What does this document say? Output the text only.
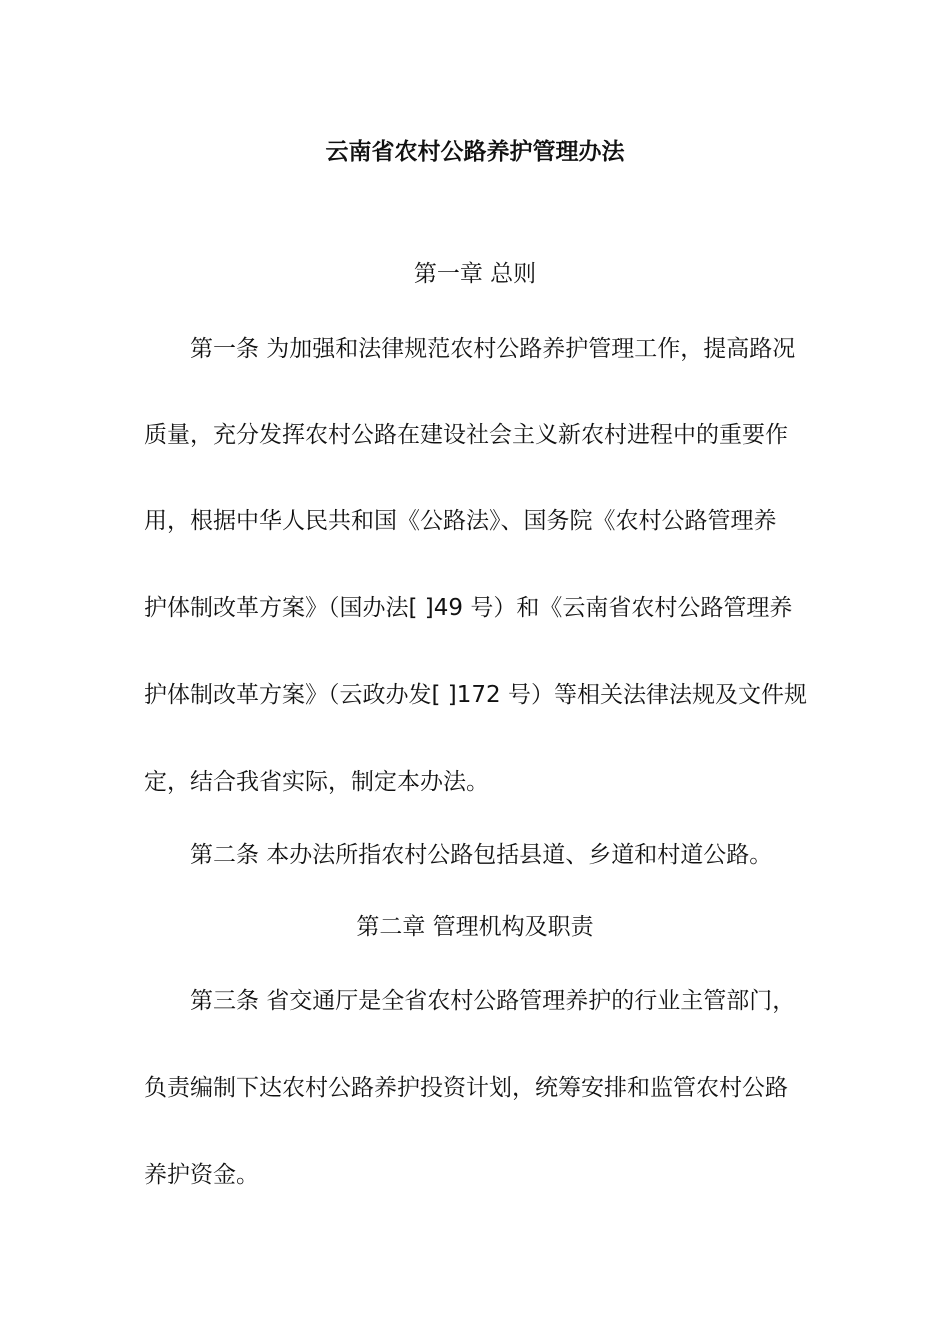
云南省农村公路养护管理办法
第一章 总则
第一条 为加强和法律规范农村公路养护管理工作，提高路况
质量，充分发挥农村公路在建设社会主义新农村进程中的重要作
用，根据中华人民共和国《公路法》、国务院《农村公路管理养
护体制改革方案》（国办法[ ]49 号）和《云南省农村公路管理养
护体制改革方案》（云政办发[ ]172 号）等相关法律法规及文件规
定，结合我省实际，制定本办法。
第二条 本办法所指农村公路包括县道、乡道和村道公路。
第二章 管理机构及职责
第三条 省交通厅是全省农村公路管理养护的行业主管部门，
负责编制下达农村公路养护投资计划，统筹安排和监管农村公路
养护资金。
